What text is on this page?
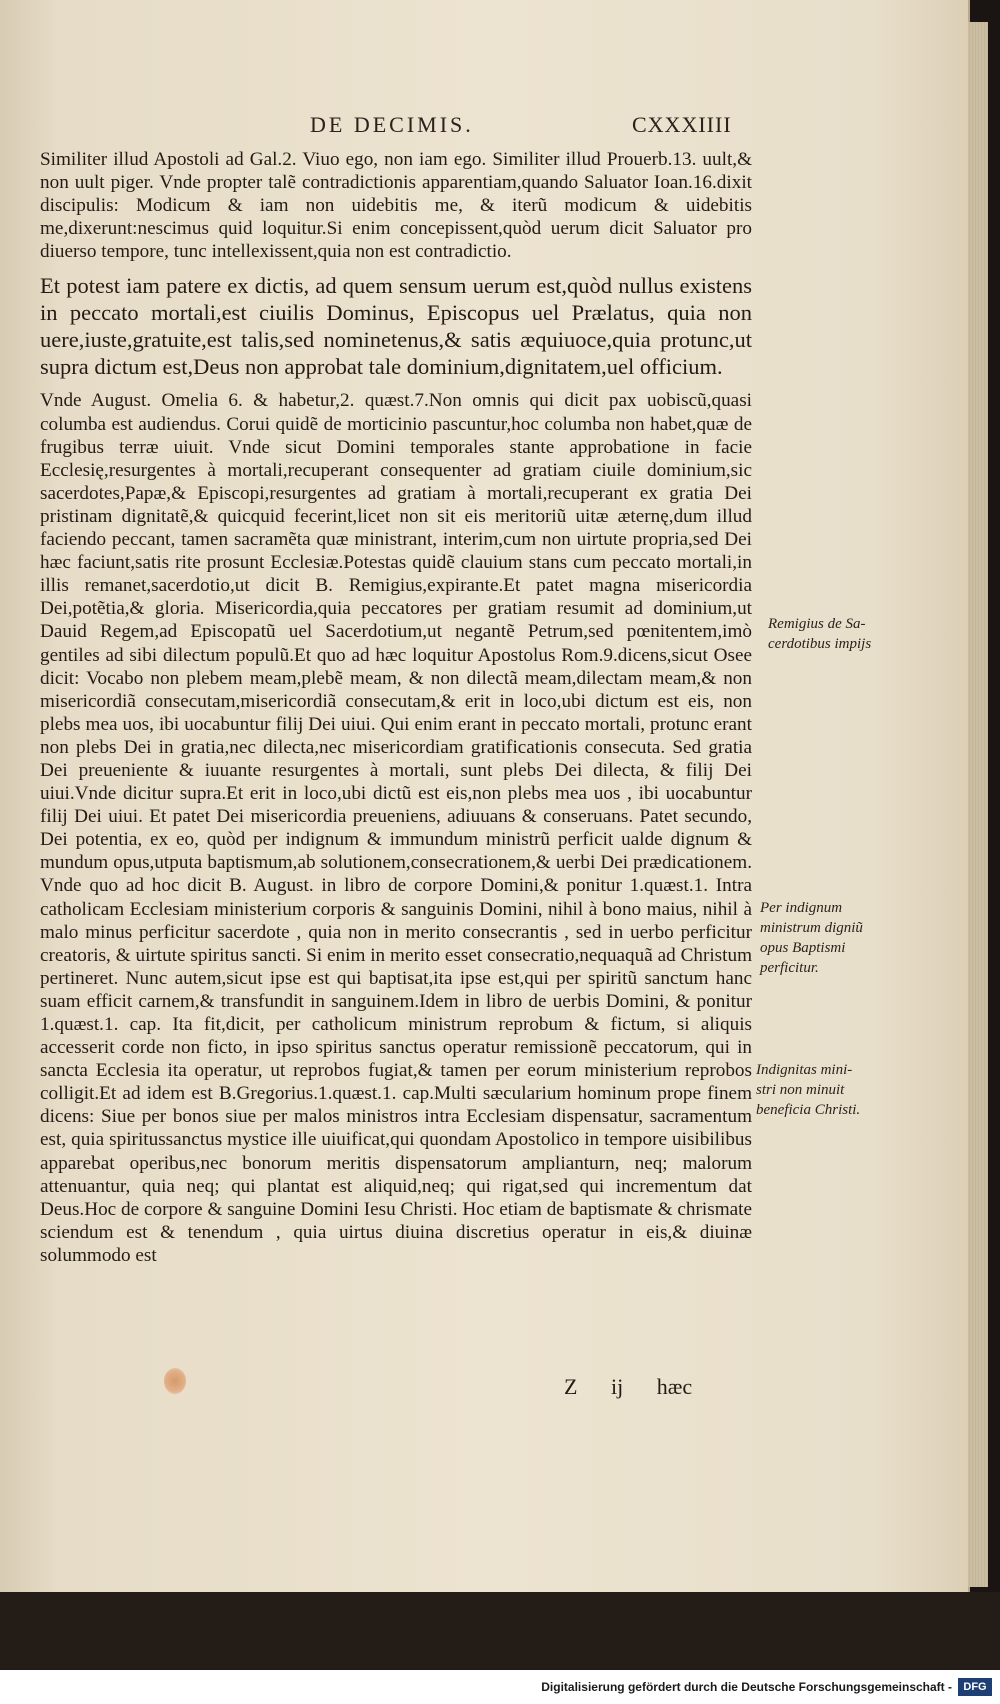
DE DECIMIS.	CXXXIIII

Similiter illud Apostoli ad Gal.2. Viuo ego, non iam ego. Similiter illud Prouerb.13. uult,& non uult piger. Vnde propter talẽ contradictionis apparentiam,quando Saluator Ioan.16.dixit discipulis: Modicum & iam non uidebitis me, & iterũ modicum & uidebitis me,dixerunt:nescimus quid loquitur.Si enim concepissent,quòd uerum dicit Saluator pro diuerso tempore, tunc intellexissent,quia non est contradictio.

Et potest iam patere ex dictis, ad quem sensum uerum est,quòd nullus existens in peccato mortali,est ciuilis Dominus, Episcopus uel Prælatus, quia non uere,iuste,gratuite,est talis,sed nominetenus,& satis æquiuoce,quia protunc,ut supra dictum est,Deus non approbat tale dominium,dignitatem,uel officium.

Vnde August. Omelia 6. & habetur,2. quæst.7.Non omnis qui dicit pax uobiscũ,quasi columba est audiendus. Corui quidẽ de morticinio pascuntur,hoc columba non habet,quæ de frugibus terræ uiuit. Vnde sicut Domini temporales stante approbatione in facie Ecclesię,resurgentes à mortali,recuperant consequenter ad gratiam ciuile dominium,sic sacerdotes,Papæ,& Episcopi,resurgentes ad gratiam à mortali,recuperant ex gratia Dei pristinam dignitatẽ,& quicquid fecerint,licet non sit eis meritoriũ uitæ æternę,dum illud faciendo peccant, tamen sacramẽta quæ ministrant, interim,cum non uirtute propria,sed Dei hæc faciunt,satis rite prosunt Ecclesiæ.Potestas quidẽ clauium stans cum peccato mortali,in illis remanet,sacerdotio,ut dicit B. Remigius,expirante.Et patet magna misericordia Dei,potẽtia,& gloria. Misericordia,quia peccatores per gratiam resumit ad dominium,ut Dauid Regem,ad Episcopatũ uel Sacerdotium,ut negantẽ Petrum,sed pœnitentem,imò gentiles ad sibi dilectum populũ.Et quo ad hæc loquitur Apostolus Rom.9.dicens,sicut Osee dicit: Vocabo non plebem meam,plebẽ meam, & non dilectã meam,dilectam meam,& non misericordiã consecutam,misericordiã consecutam,& erit in loco,ubi dictum est eis, non plebs mea uos, ibi uocabuntur filij Dei uiui. Qui enim erant in peccato mortali, protunc erant non plebs Dei in gratia,nec dilecta,nec misericordiam gratificationis consecuta. Sed gratia Dei preueniente & iuuante resurgentes à mortali, sunt plebs Dei dilecta, & filij Dei uiui.Vnde dicitur supra.Et erit in loco,ubi dictũ est eis,non plebs mea uos , ibi uocabuntur filij Dei uiui. Et patet Dei misericordia preueniens, adiuuans & conseruans. Patet secundo, Dei potentia, ex eo, quòd per indignum & immundum ministrũ perficit ualde dignum & mundum opus,utputa baptismum,ab solutionem,consecrationem,& uerbi Dei prædicationem. Vnde quo ad hoc dicit B. August. in libro de corpore Domini,& ponitur 1.quæst.1. Intra catholicam Ecclesiam ministerium corporis & sanguinis Domini, nihil à bono maius, nihil à malo minus perficitur sacerdote , quia non in merito consecrantis , sed in uerbo perficitur creatoris, & uirtute spiritus sancti. Si enim in merito esset consecratio,nequaquã ad Christum pertineret. Nunc autem,sicut ipse est qui baptisat,ita ipse est,qui per spiritũ sanctum hanc suam efficit carnem,& transfundit in sanguinem.Idem in libro de uerbis Domini, & ponitur 1.quæst.1. cap. Ita fit,dicit, per catholicum ministrum reprobum & fictum, si aliquis accesserit corde non ficto, in ipso spiritus sanctus operatur remissionẽ peccatorum, qui in sancta Ecclesia ita operatur, ut reprobos fugiat,& tamen per eorum ministerium reprobos colligit.Et ad idem est B.Gregorius.1.quæst.1. cap.Multi sæcularium hominum prope finem dicens: Siue per bonos siue per malos ministros intra Ecclesiam dispensatur, sacramentum est, quia spiritussanctus mystice ille uiuificat,qui quondam Apostolico in tempore uisibilibus apparebat operibus,nec bonorum meritis dispensatorum amplianturn, neq; malorum attenuantur, quia neq; qui plantat est aliquid,neq; qui rigat,sed qui incrementum dat Deus.Hoc de corpore & sanguine Domini Iesu Christi. Hoc etiam de baptismate & chrismate sciendum est & tenendum , quia uirtus diuina discretius operatur in eis,& diuinæ solummodo est

Remigius de Sa-
cerdotibus impijs
Per indignum
ministrum digniũ
opus Baptismi
perficitur.
Indignitas mini-
stri non minuit
beneficia Christi.
Z ij hæc
Digitalisierung gefördert durch die Deutsche Forschungsgemeinschaft -	DFG
